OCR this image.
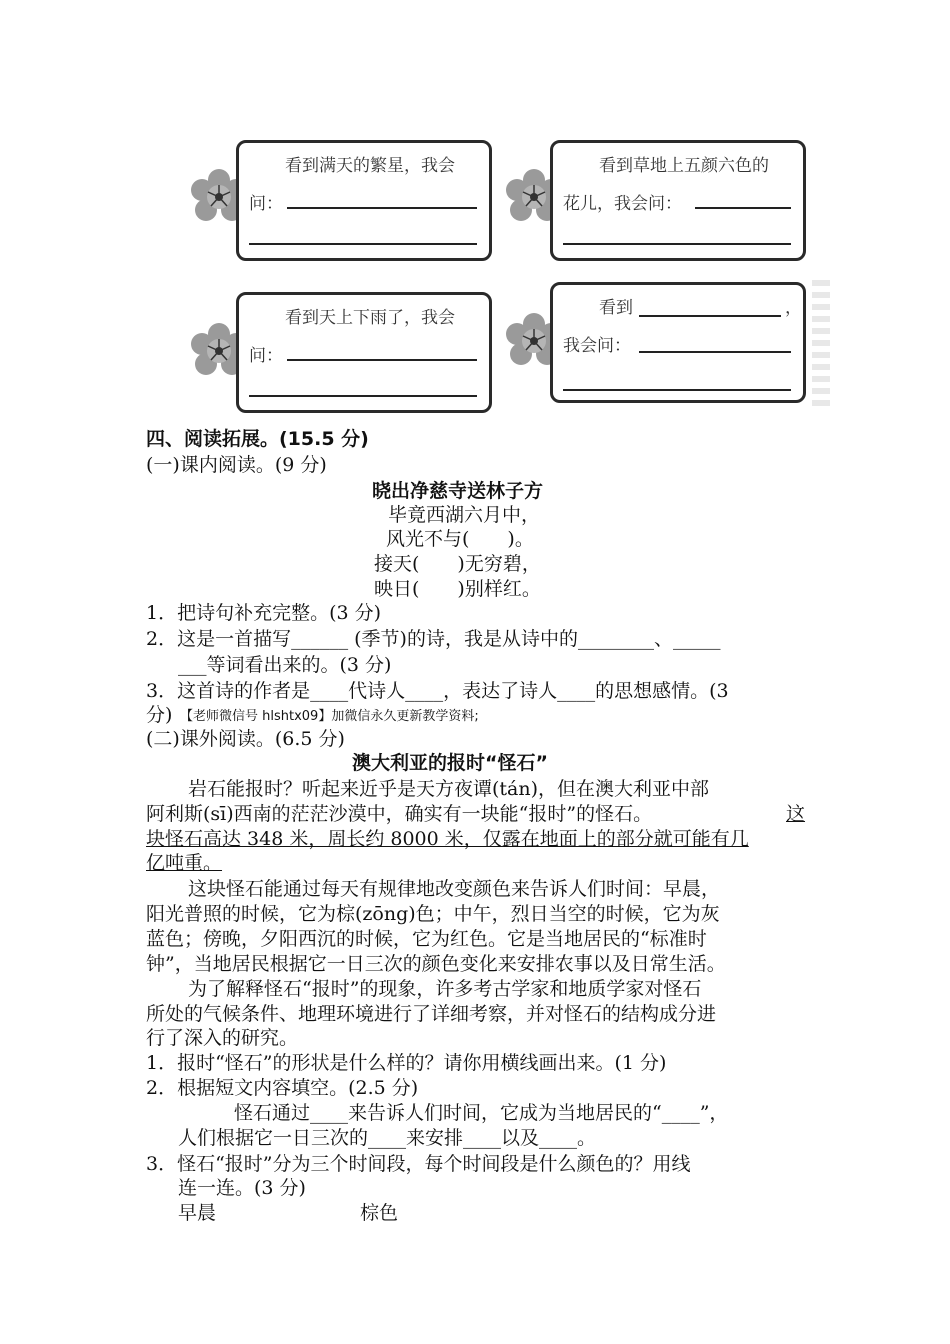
看到满天的繁星，我会
问：
看到草地上五颜六色的
花儿，我会问：
看到天上下雨了，我会
问：
看到	，
我会问：
四、阅读拓展。(15.5 分)
(一)课内阅读。(9 分)
晓出净慈寺送林子方
毕竟西湖六月中，
风光不与(　　)。
接天(　　)无穷碧，
映日(　　)别样红。
1．把诗句补充完整。(3 分)
2．这是一首描写______ (季节)的诗，我是从诗中的________、_____
___等词看出来的。(3 分)
3．这首诗的作者是____代诗人____，表达了诗人____的思想感情。(3
分) 【老师微信号 hlshtx09】加微信永久更新教学资料;
(二)课外阅读。(6.5 分)
澳大利亚的报时“怪石”
岩石能报时？听起来近乎是天方夜谭(tán)，但在澳大利亚中部
阿利斯(sī)西南的茫茫沙漠中，确实有一块能“报时”的怪石。	这
块怪石高达 348 米，周长约 8000 米，仅露在地面上的部分就可能有几
亿吨重。
这块怪石能通过每天有规律地改变颜色来告诉人们时间：早晨，
阳光普照的时候，它为棕(zōng)色；中午，烈日当空的时候，它为灰
蓝色；傍晚，夕阳西沉的时候，它为红色。它是当地居民的“标准时
钟”，当地居民根据它一日三次的颜色变化来安排农事以及日常生活。
为了解释怪石“报时”的现象，许多考古学家和地质学家对怪石
所处的气候条件、地理环境进行了详细考察，并对怪石的结构成分进
行了深入的研究。
1．报时“怪石”的形状是什么样的？请你用横线画出来。(1 分)
2．根据短文内容填空。(2.5 分)
怪石通过____来告诉人们时间，它成为当地居民的“____”，
人们根据它一日三次的____来安排____以及____。
3．怪石“报时”分为三个时间段，每个时间段是什么颜色的？用线
连一连。(3 分)
早晨	棕色
